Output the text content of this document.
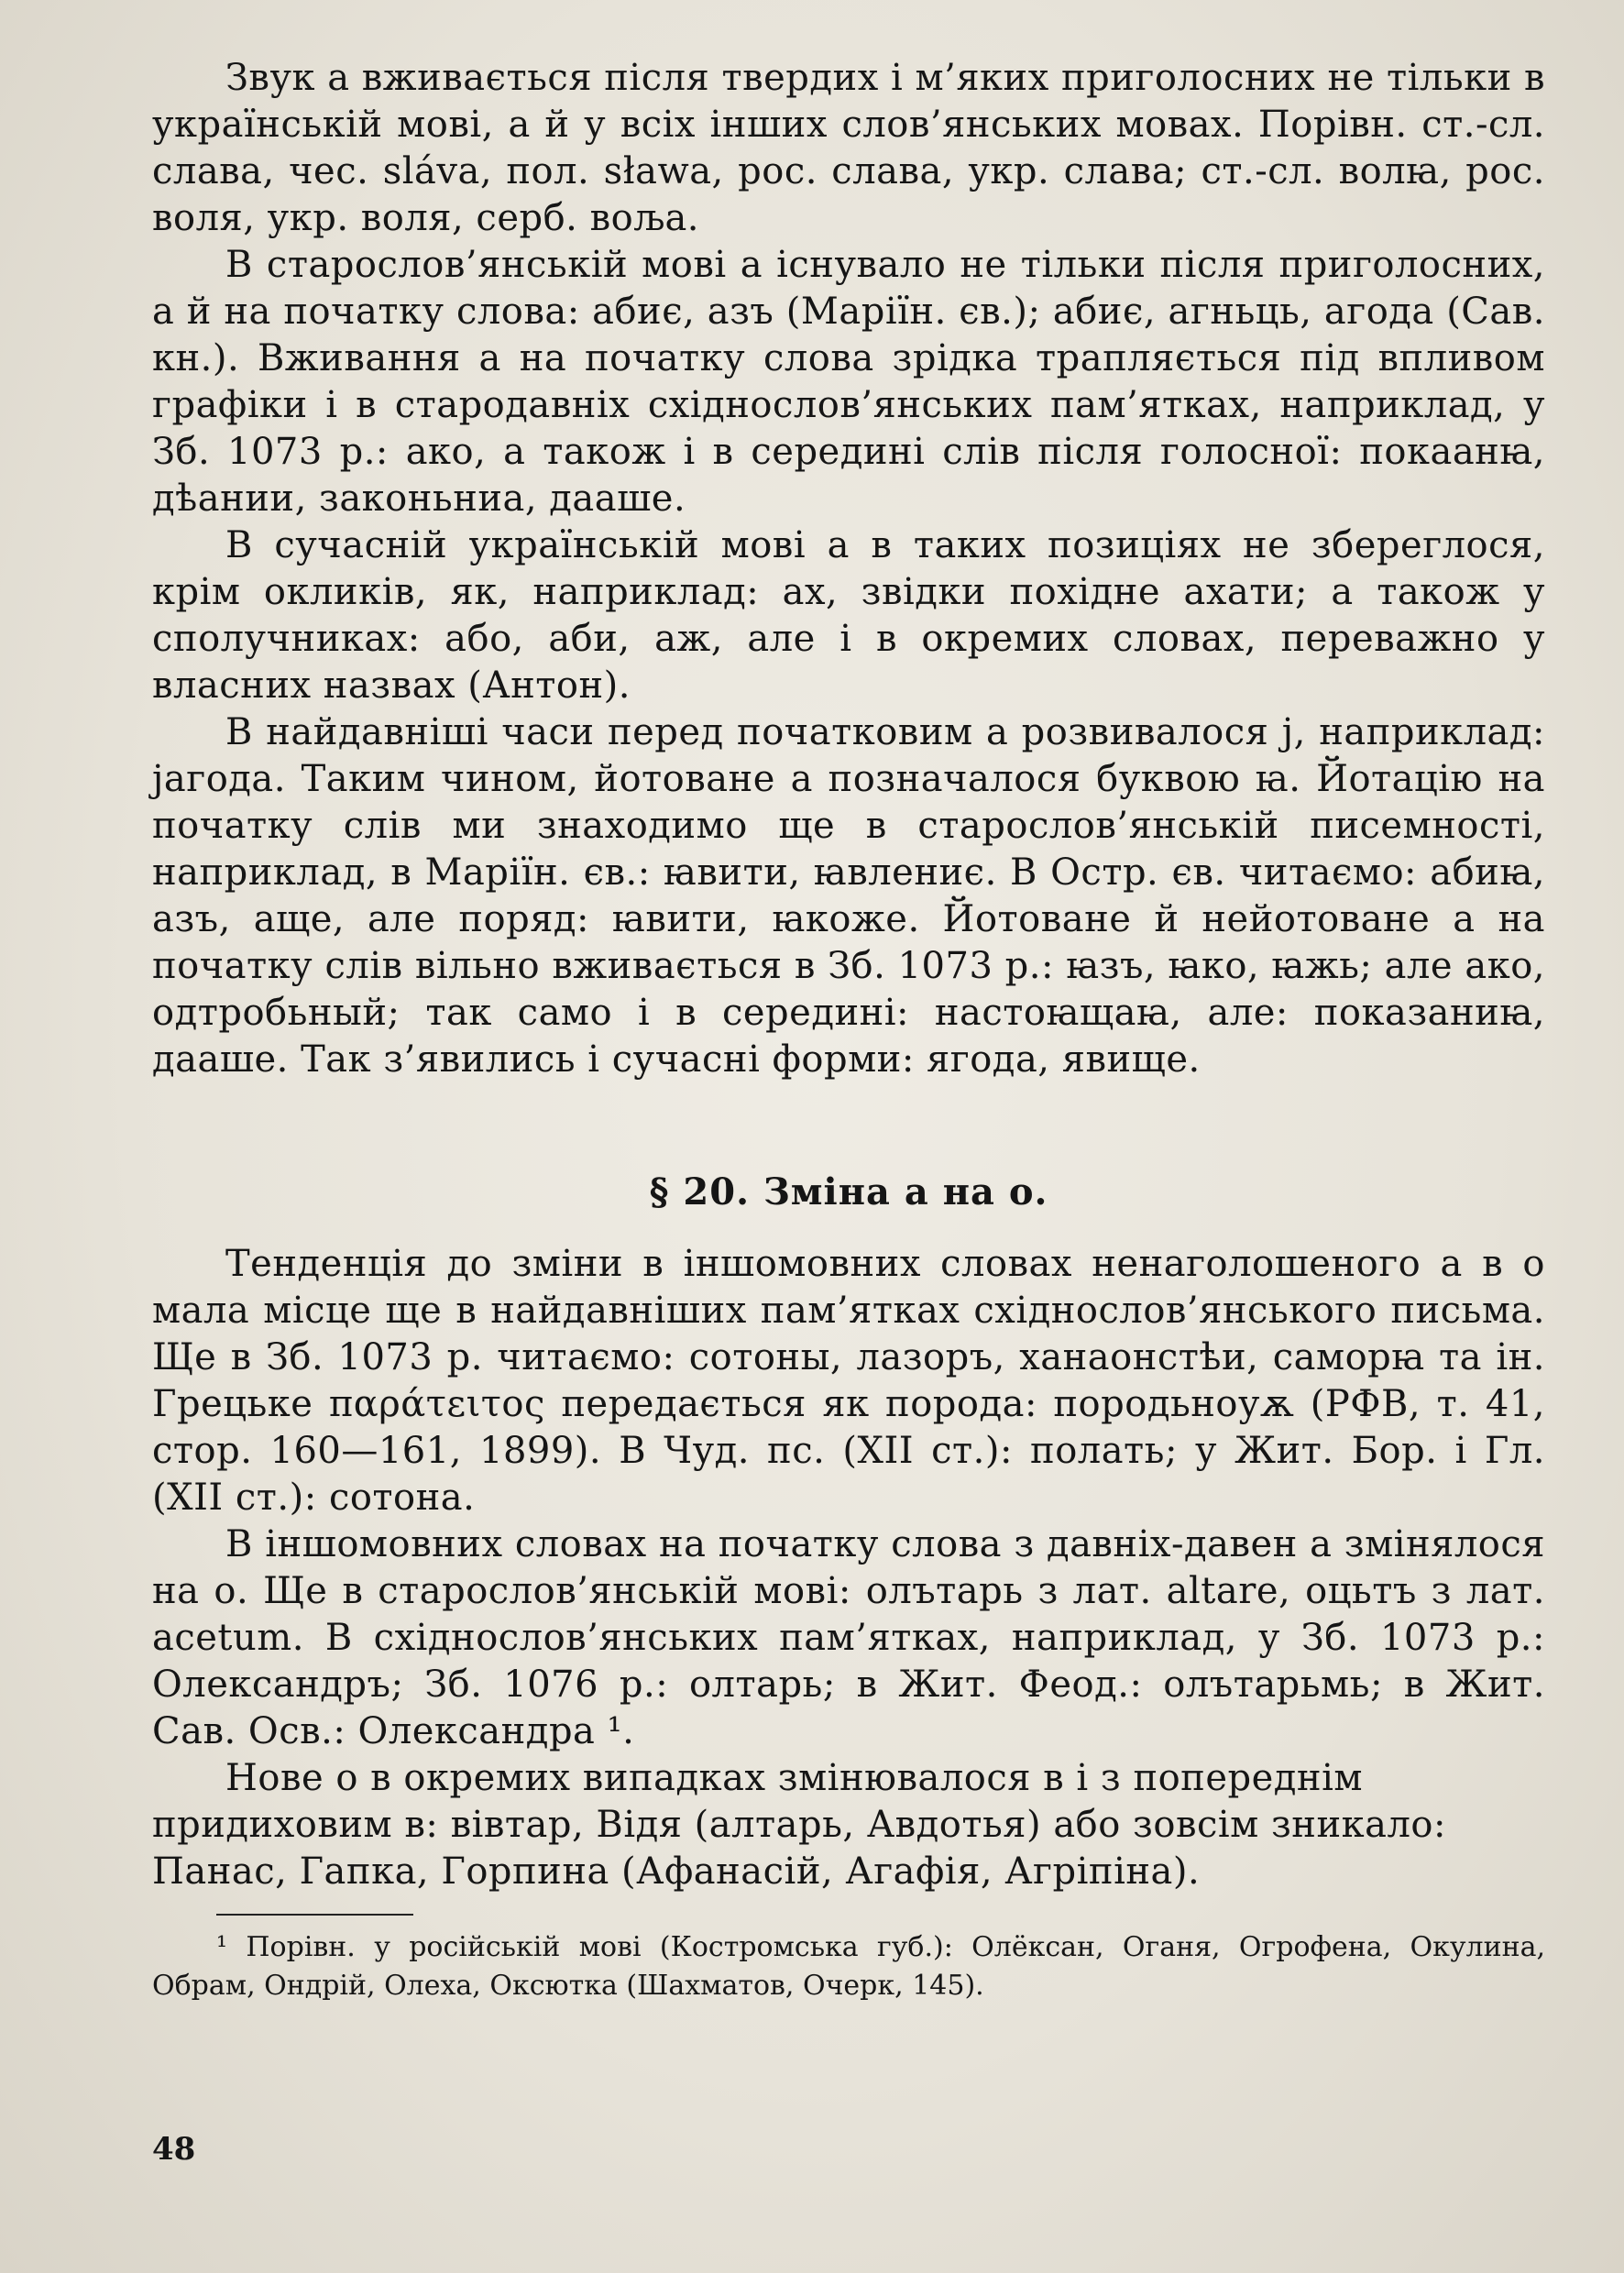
Звук а вживається після твердих і м’яких приголосних не тільки в українській мові, а й у всіх інших слов’янських мовах. Порівн. ст.-сл. слава, чес. sláva, пол. sława, рос. слава, укр. слава; ст.-сл. волꙗ, рос. воля, укр. воля, серб. воља.

В старослов’янській мові а існувало не тільки після приголосних, а й на початку слова: абиє, азъ (Маріїн. єв.); абиє, агньць, агода (Сав. кн.). Вживання а на початку слова зрідка трапляється під впливом графіки і в стародавніх східнослов’янських пам’ятках, наприклад, у Зб. 1073 р.: ако, а також і в середині слів після голосної: покаанꙗ, дѣании, законьниа, дааше.

В сучасній українській мові а в таких позиціях не збереглося, крім окликів, як, наприклад: ах, звідки похідне ахати; а також у сполучниках: або, аби, аж, але і в окремих словах, переважно у власних назвах (Антон).

В найдавніші часи перед початковим а розвивалося j, наприклад: jагода. Таким чином, йотоване а позначалося буквою ꙗ. Йотацію на початку слів ми знаходимо ще в старослов’янській писемності, наприклад, в Маріїн. єв.: ꙗвити, ꙗвлениє. В Остр. єв. читаємо: абиꙗ, азъ, аще, але поряд: ꙗвити, ꙗкоже. Йотоване й нейотоване а на початку слів вільно вживається в Зб. 1073 р.: ꙗзъ, ꙗко, ꙗжь; але ако, одтробьный; так само і в середині: настоꙗщаꙗ, але: показаниꙗ, дааше. Так з’явились і сучасні форми: ягода, явище.

§ 20. Зміна а на о.

Тенденція до зміни в іншомовних словах ненаголошеного а в о мала місце ще в найдавніших пам’ятках східнослов’янського письма. Ще в Зб. 1073 р. читаємо: сотоны, лазоръ, ханаонстѣи, саморꙗ та ін. Грецьке παράτειτος передається як порода: породьноуѫ (РФВ, т. 41, стор. 160—161, 1899). В Чуд. пс. (XII ст.): полать; у Жит. Бор. і Гл. (XII ст.): сотона.

В іншомовних словах на початку слова з давніх-давен а змінялося на о. Ще в старослов’янській мові: олътарь з лат. altare, оцьтъ з лат. acetum. В східнослов’янських пам’ятках, наприклад, у Зб. 1073 р.: Олександръ; Зб. 1076 р.: олтарь; в Жит. Феод.: олътарьмь; в Жит. Сав. Осв.: Олександра ¹.

Нове о в окремих випадках змінювалося в і з попереднім придиховим в: вівтар, Відя (алтарь, Авдотья) або зовсім зникало: Панас, Гапка, Горпина (Афанасій, Агафія, Агріпіна).

¹ Порівн. у російській мові (Костромська губ.): Олёксан, Оганя, Огрофена, Окулина, Обрам, Ондрій, Олеха, Оксютка (Шахматов, Очерк, 145).

48
